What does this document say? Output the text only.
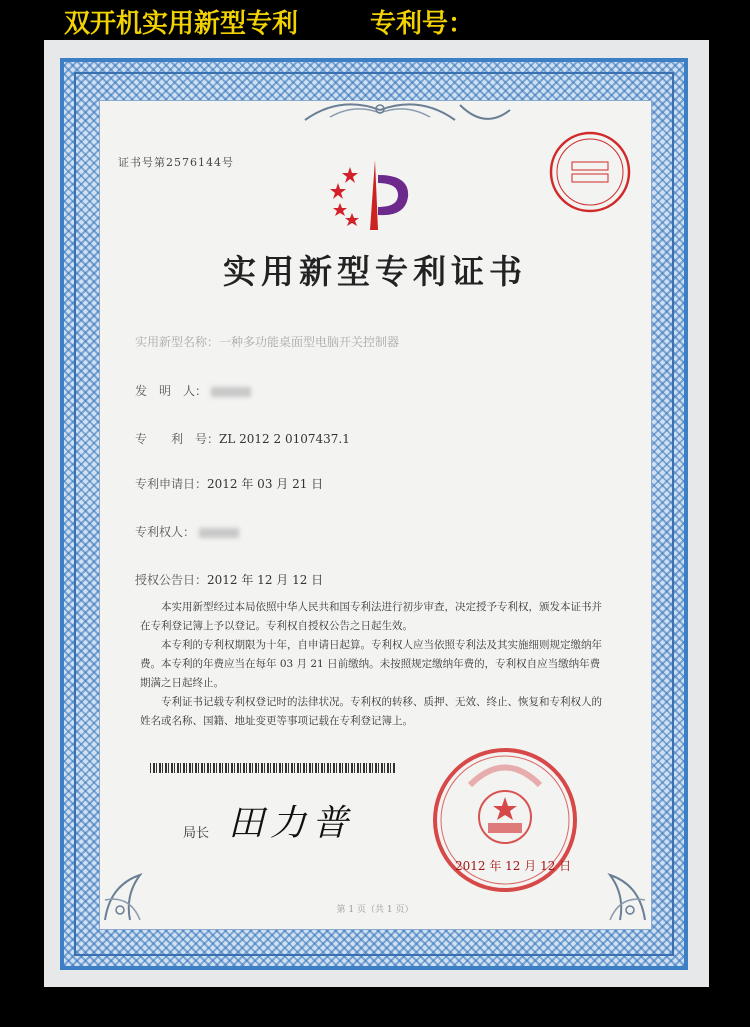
双开机实用新型专利	专利号：
证书号第2576144号
实用新型专利证书
实用新型名称：一种多功能桌面型电脑开关控制器
发　明　人：
专　　利　号：ZL 2012 2 0107437.1
专利申请日：2012 年 03 月 21 日
专利权人：
授权公告日：2012 年 12 月 12 日

本实用新型经过本局依照中华人民共和国专利法进行初步审查，决定授予专利权，颁发本证书并在专利登记簿上予以登记。专利权自授权公告之日起生效。

本专利的专利权期限为十年，自申请日起算。专利权人应当依照专利法及其实施细则规定缴纳年费。本专利的年费应当在每年 03 月 21 日前缴纳。未按照规定缴纳年费的，专利权自应当缴纳年费期满之日起终止。

专利证书记载专利权登记时的法律状况。专利权的转移、质押、无效、终止、恢复和专利权人的姓名或名称、国籍、地址变更等事项记载在专利登记簿上。

局长 田力普
2012 年 12 月 12 日
第 1 页（共 1 页）
